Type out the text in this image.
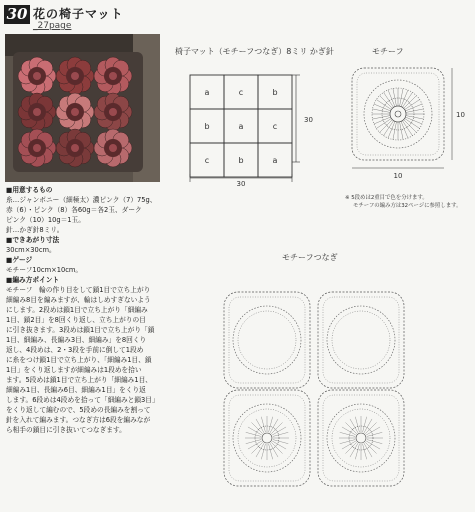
30 花の椅子マット
_27page
■用意するもの
糸…ジャンボニー（細極太）濃ピンク（7）75g、
赤（6）・ピンク（8）各60g＝各2玉、ダーク
ピンク（10）10g＝1玉。
針…かぎ針8ミリ。
■できあがり寸法
30cm×30cm。
■ゲージ
モチーフ10cm×10cm。
■編み方ポイント
モチーフ　輪の作り目をして鎖1目で立ち上がり
細編み8目を編みますが、輪はしめすぎないよう
にします。2段めは鎖1目で立ち上がり「細編み
1目、鎖2目」を8回くり返し、立ち上がりの目
に引き抜きます。3段めは鎖1目で立ち上がり「鎖
1目、細編み、長編み3目、細編み」を8回くり
返し、4段めは、2・3段を手前に倒して1段め
に糸をつけ鎖1目で立ち上がり、「細編み1目、鎖
1目」をくり返しますが細編みは1段めを拾い
ます。5段めは鎖1目で立ち上がり「細編み1目、
細編み1目、長編み6目、細編み1目」をくり返
します。6段めは4段めを拾って「細編みと鎖3目」
をくり返して編むので、5段めの長編みを割って
針を入れて編みます。つなぎ方は6段を編みなが
ら相手の鎖目に引き抜いてつなぎます。
椅子マット（モチーフつなぎ）8ミリ かぎ針
a	c	b
b	a	c
c	b	a
30
30
モチーフ
10
10
※ 5段めは2重目で色を分けます。
モチーフの編み方は32ページに参照します。
モチーフつなぎ
